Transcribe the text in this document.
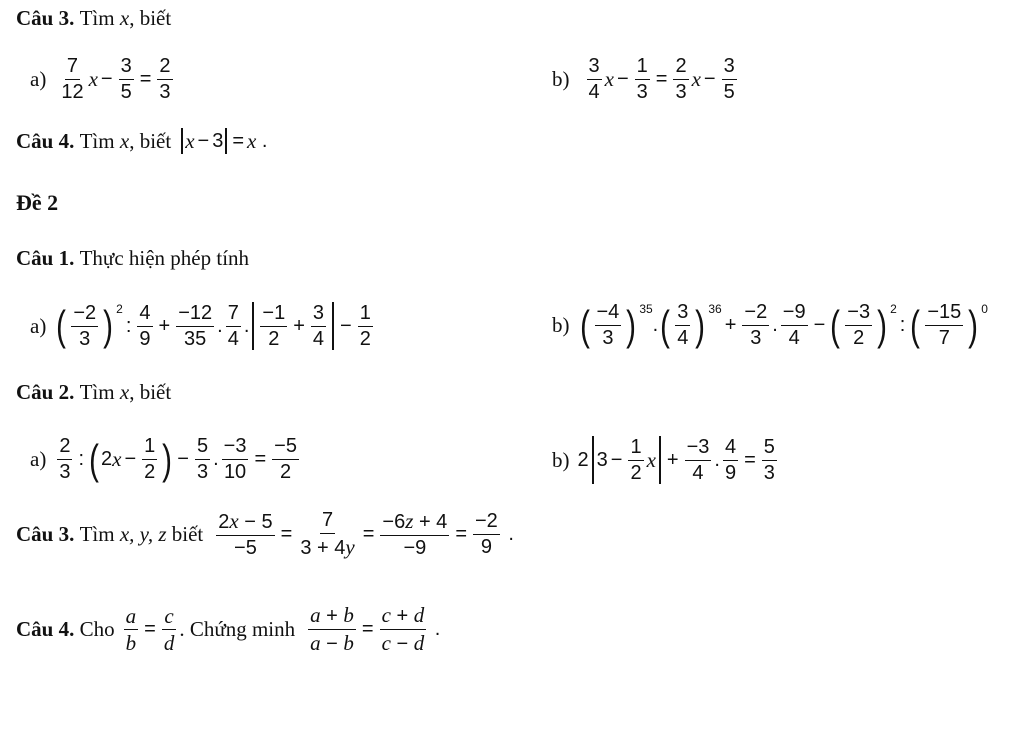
Câu 3.
Tìm
x , biết
$a) \frac{7}{12}$ $x - \frac{3}{5} = \frac{2}{3}$	$b) \frac{3}{4}$ $x - \frac{1}{3} = \frac{2}{3}$ $x - \frac{3}{5}$
Câu 4.
Tìm
x , biết x − 3 = x .
Đề 2
Câu 1.
Thực hiện phép tính
a) ( $\frac{-2}{3}$ ) 2
: $\frac{4}{9} + \frac{-12}{35}$ . $\frac{7}{4}$ . $\frac{-1}{2} + \frac{3}{4} - \frac{1}{2}$	b) ( $\frac{-4}{3}$ ) 35
. ( $\frac{3}{4}$ ) 36
+ $\frac{-2}{3}$ . $\frac{-9}{4}$ − ( $\frac{-3}{2}$ ) 2
: ( $\frac{-15}{7}$ ) 0
Câu 2.
Tìm
x , biết
$a) \frac{2}{3}$ : ( 2 $x - \frac{1}{2}$ ) − $\frac{5}{3}$ . $\frac{-3}{10} = \frac{-5}{2}$	b) 2 $3 - \frac{1}{2}$ $x + \frac{-3}{4}$ . $\frac{4}{9} = \frac{5}{3}$
Câu 3.
Tìm
x, y, z
biết $\frac{2x - 5}{-5} = \frac{7}{3 + 4y} = \frac{-6z + 4}{-9} = \frac{-2}{9}$ .
Câu 4.
Cho $\frac{a}{b} = \frac{c}{d}$ . Chứng minh $\frac{a + b}{a - b} = \frac{c + d}{c - d}$ .
